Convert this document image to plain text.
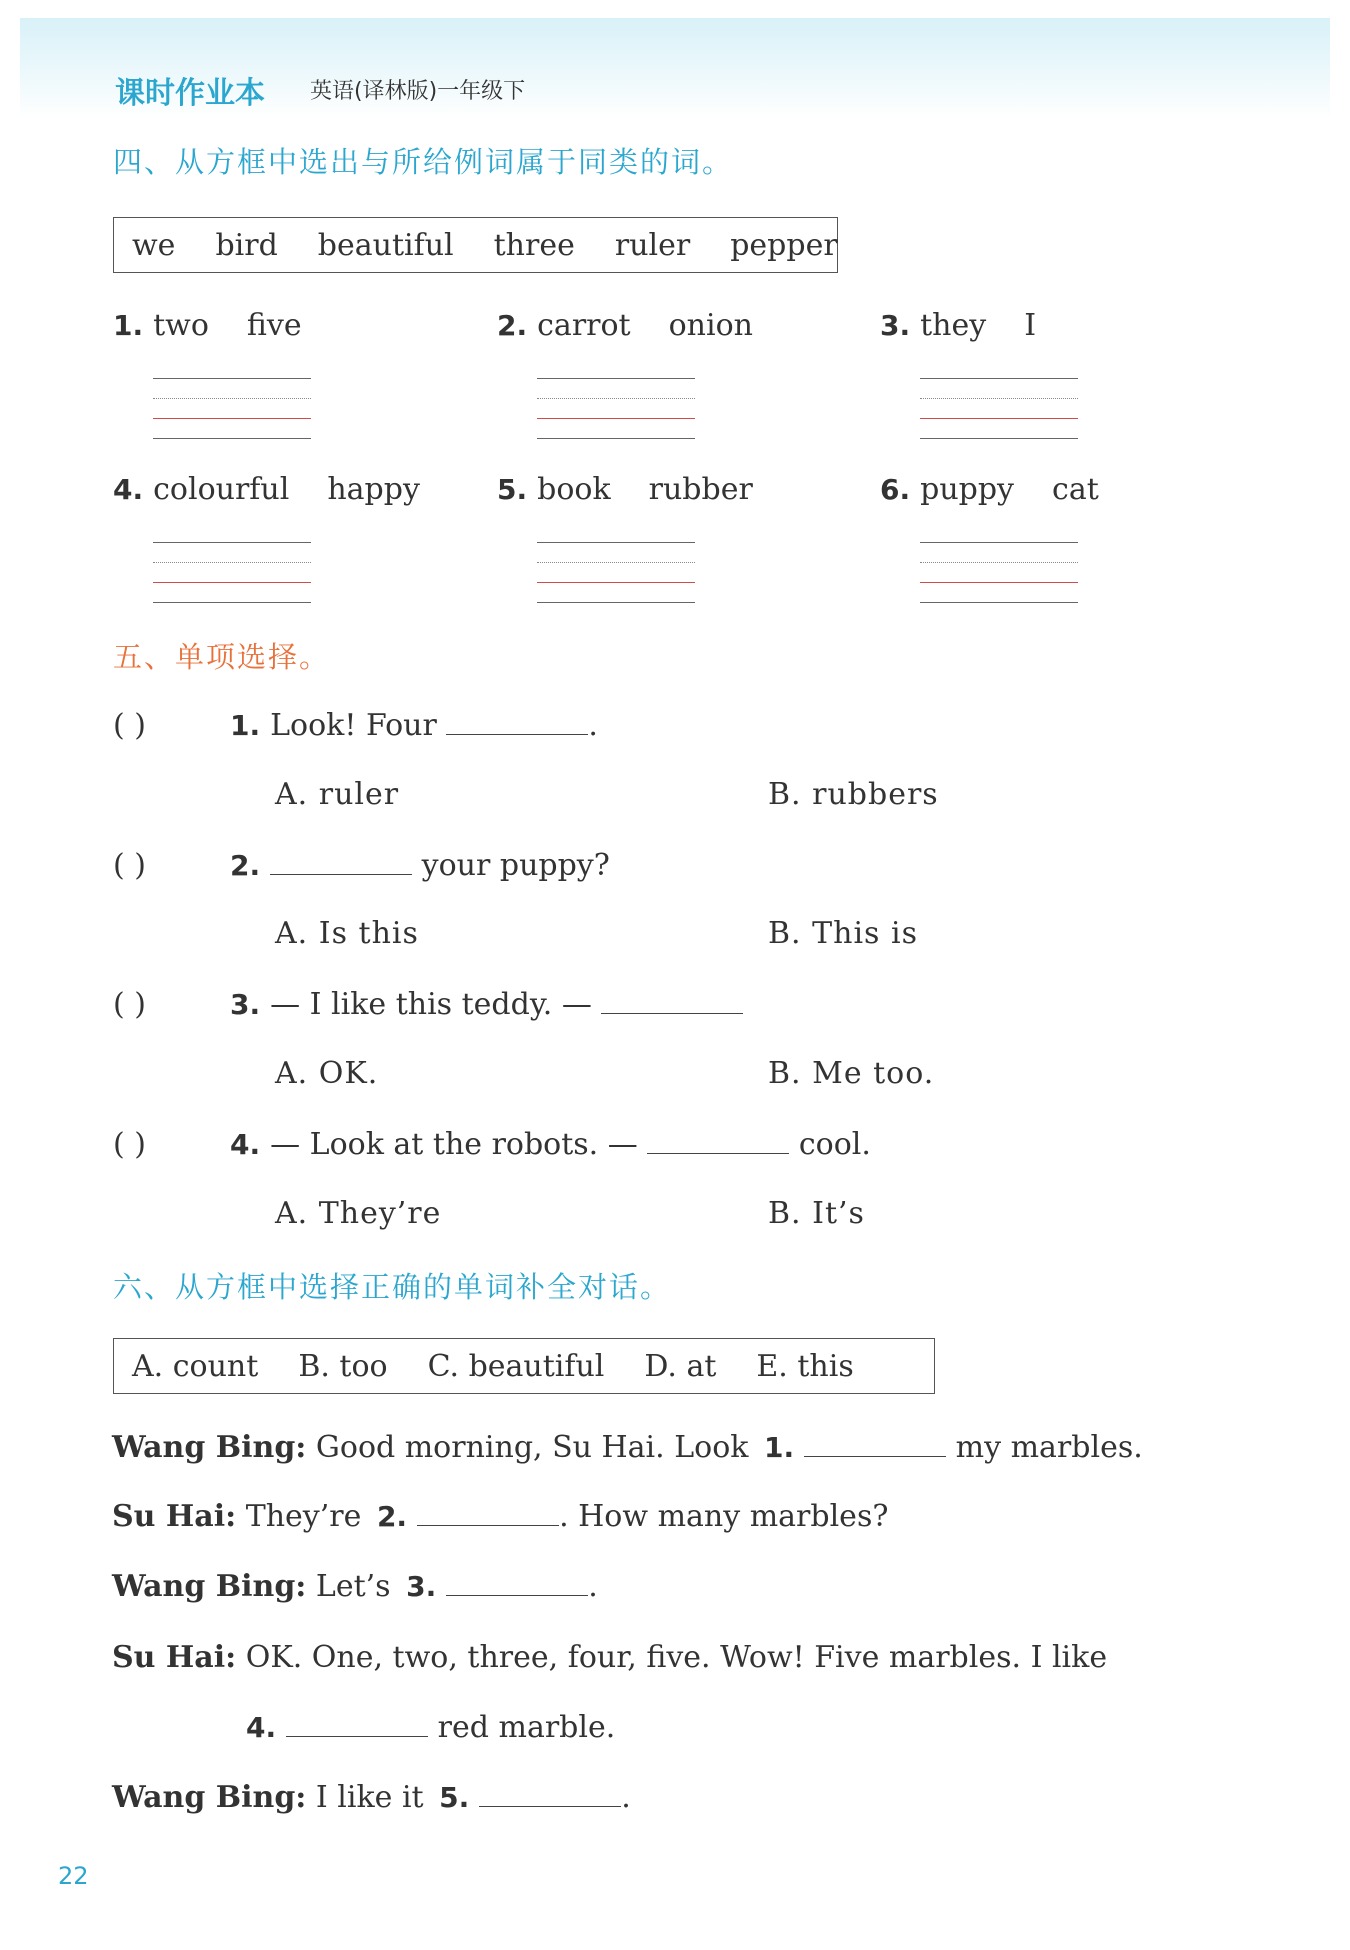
课时作业本 英语(译林版)一年级下
四、从方框中选出与所给例词属于同类的词。
we bird beautiful three ruler pepper
1. two five	2. carrot onion	3. they I
4. colourful happy	5. book rubber	6. puppy cat
五、单项选择。
( )	1. Look! Four	.
A. ruler	B. rubbers
( )	2.	your puppy?
A. Is this	B. This is
( )	3. — I like this teddy. —
A. OK.	B. Me too.
( )	4. — Look at the robots. —	cool.
A. They’re	B. It’s
六、从方框中选择正确的单词补全对话。
A. count B. too C. beautiful D. at E. this
Wang Bing: Good morning, Su Hai. Look 1.	my marbles.
Su Hai: They’re 2.	. How many marbles?
Wang Bing: Let’s 3.	.
Su Hai: OK. One, two, three, four, five. Wow! Five marbles. I like
4.	red marble.
Wang Bing: I like it 5.	.
22
